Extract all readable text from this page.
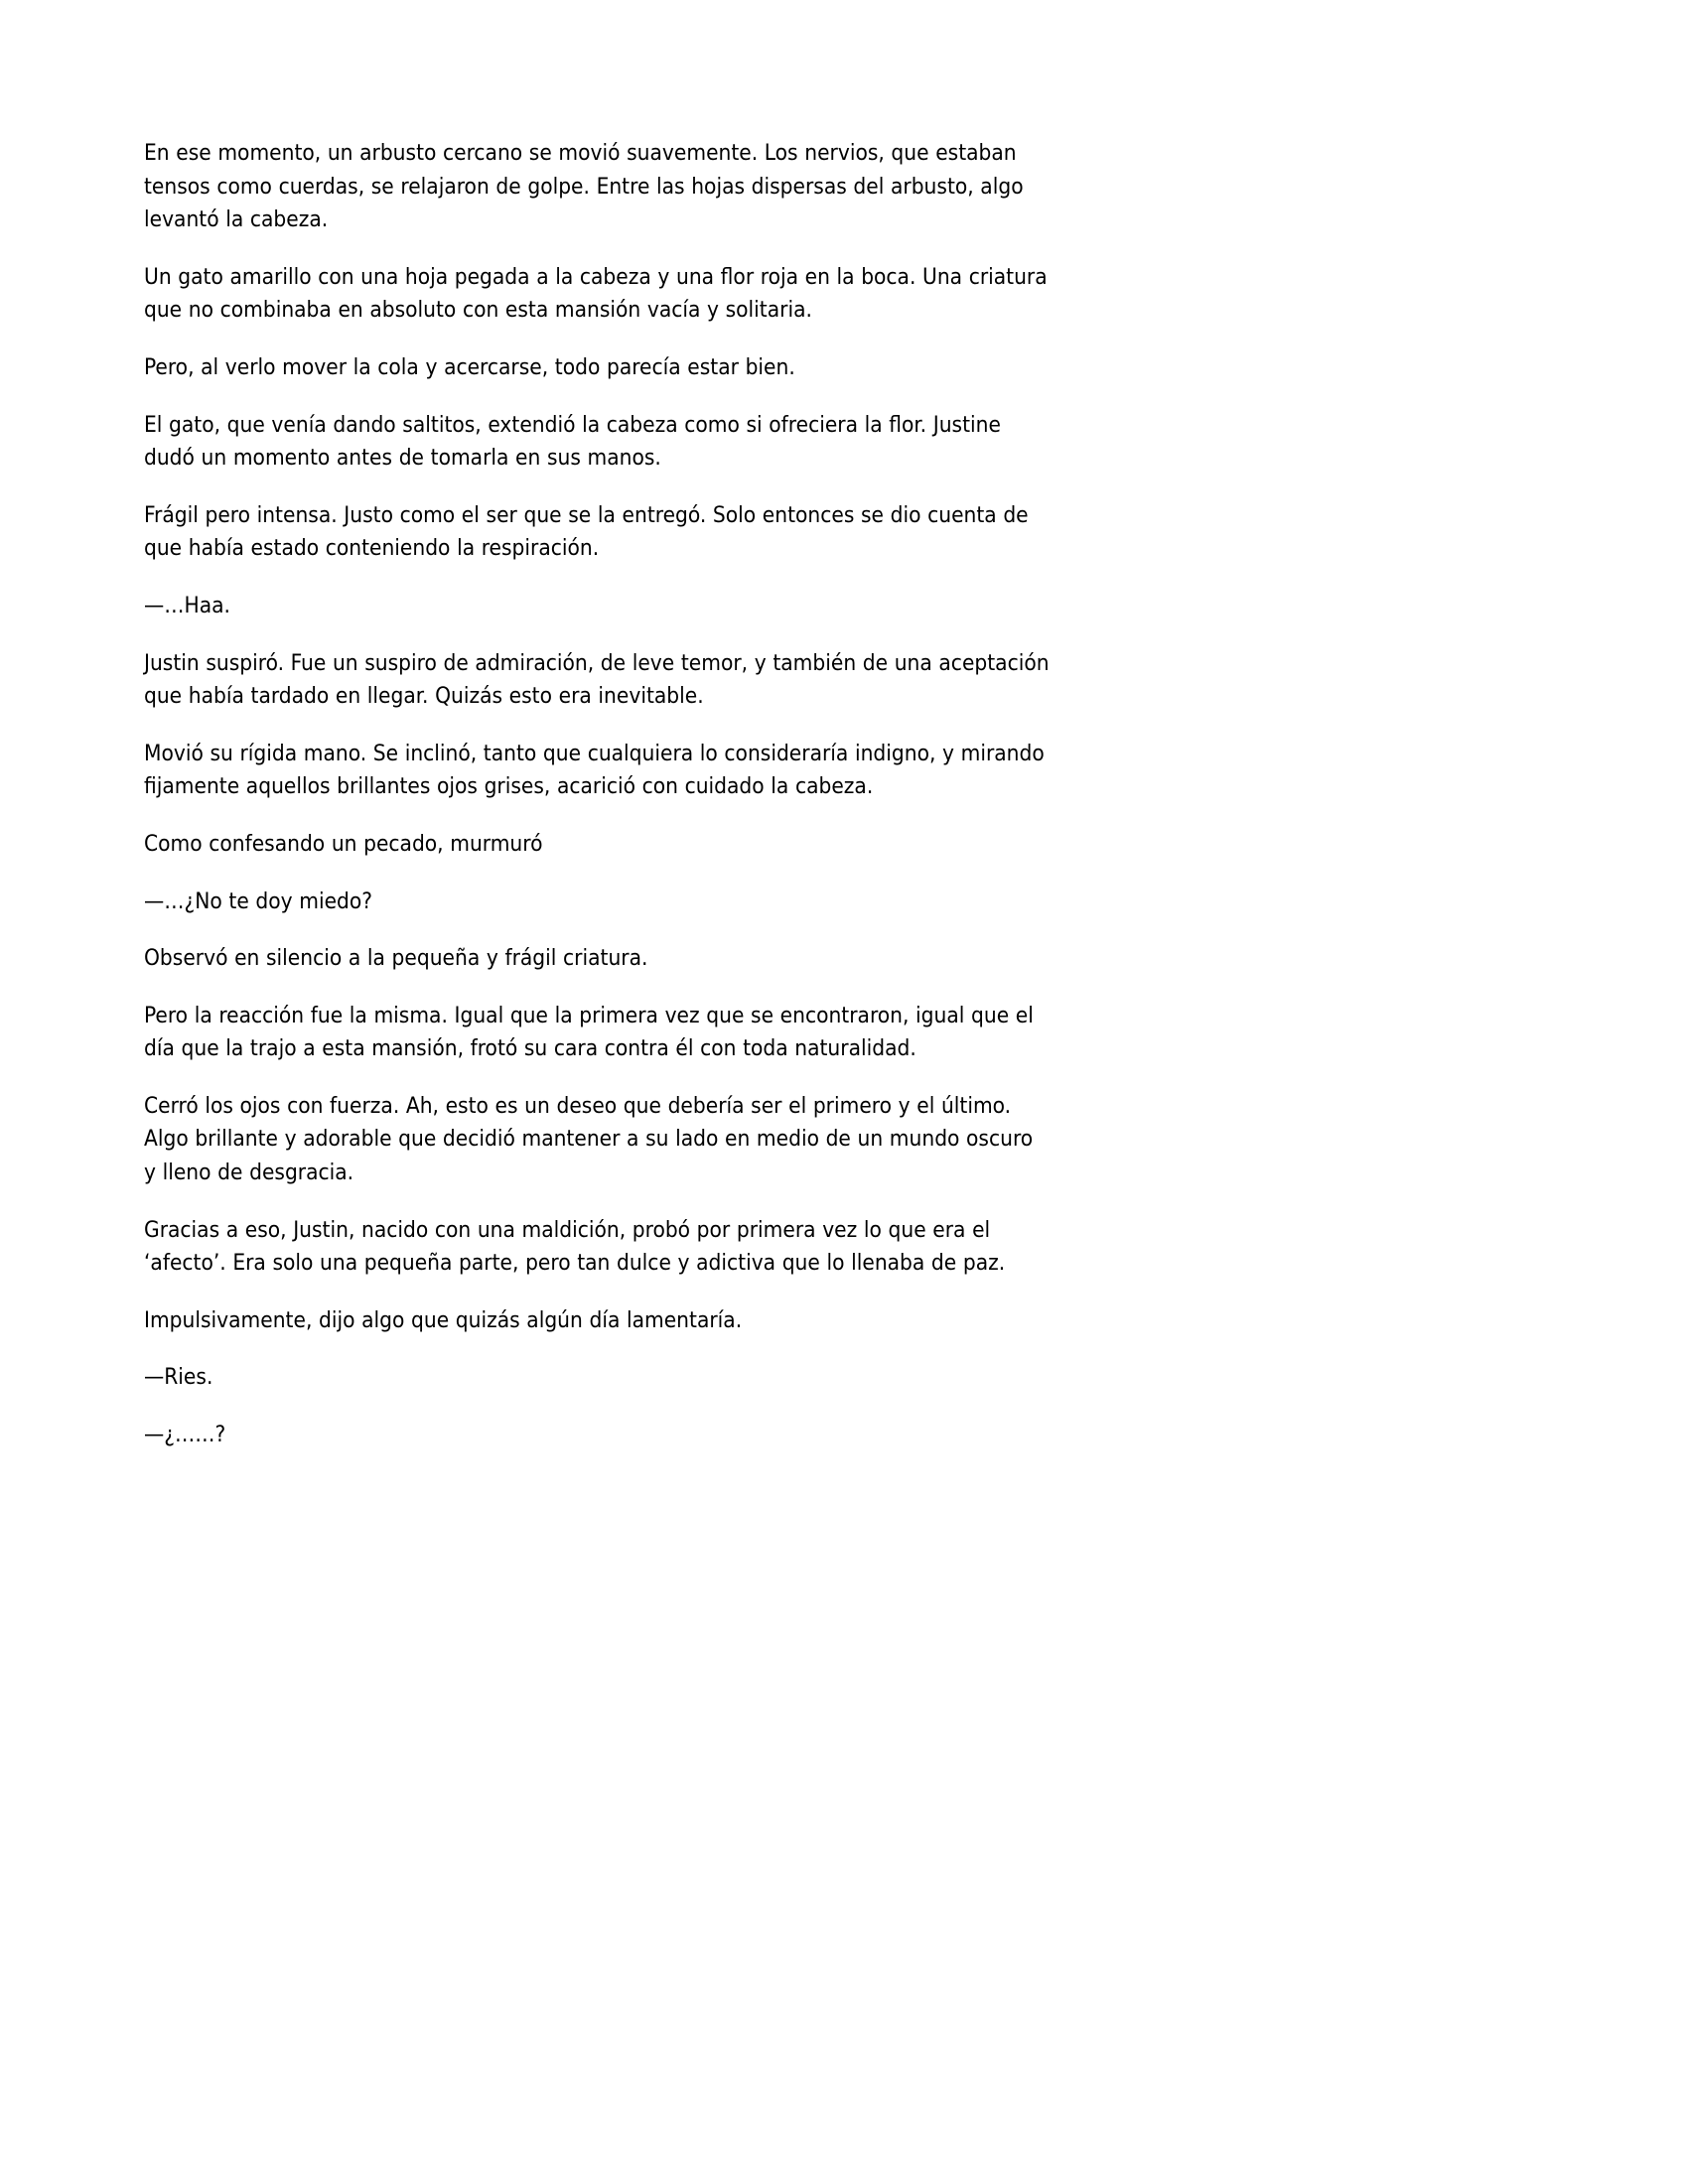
En ese momento, un arbusto cercano se movió suavemente. Los nervios, que estaban tensos como cuerdas, se relajaron de golpe. Entre las hojas dispersas del arbusto, algo levantó la cabeza.

Un gato amarillo con una hoja pegada a la cabeza y una flor roja en la boca. Una criatura que no combinaba en absoluto con esta mansión vacía y solitaria.

Pero, al verlo mover la cola y acercarse, todo parecía estar bien.

El gato, que venía dando saltitos, extendió la cabeza como si ofreciera la flor. Justine dudó un momento antes de tomarla en sus manos.

Frágil pero intensa. Justo como el ser que se la entregó. Solo entonces se dio cuenta de que había estado conteniendo la respiración.

—…Haa.

Justin suspiró. Fue un suspiro de admiración, de leve temor, y también de una aceptación que había tardado en llegar. Quizás esto era inevitable.

Movió su rígida mano. Se inclinó, tanto que cualquiera lo consideraría indigno, y mirando fijamente aquellos brillantes ojos grises, acarició con cuidado la cabeza.

Como confesando un pecado, murmuró

—…¿No te doy miedo?

Observó en silencio a la pequeña y frágil criatura.

Pero la reacción fue la misma. Igual que la primera vez que se encontraron, igual que el día que la trajo a esta mansión, frotó su cara contra él con toda naturalidad.

Cerró los ojos con fuerza. Ah, esto es un deseo que debería ser el primero y el último. Algo brillante y adorable que decidió mantener a su lado en medio de un mundo oscuro y lleno de desgracia.

Gracias a eso, Justin, nacido con una maldición, probó por primera vez lo que era el ‘afecto’. Era solo una pequeña parte, pero tan dulce y adictiva que lo llenaba de paz.

Impulsivamente, dijo algo que quizás algún día lamentaría.

—Ries.

—¿……?
